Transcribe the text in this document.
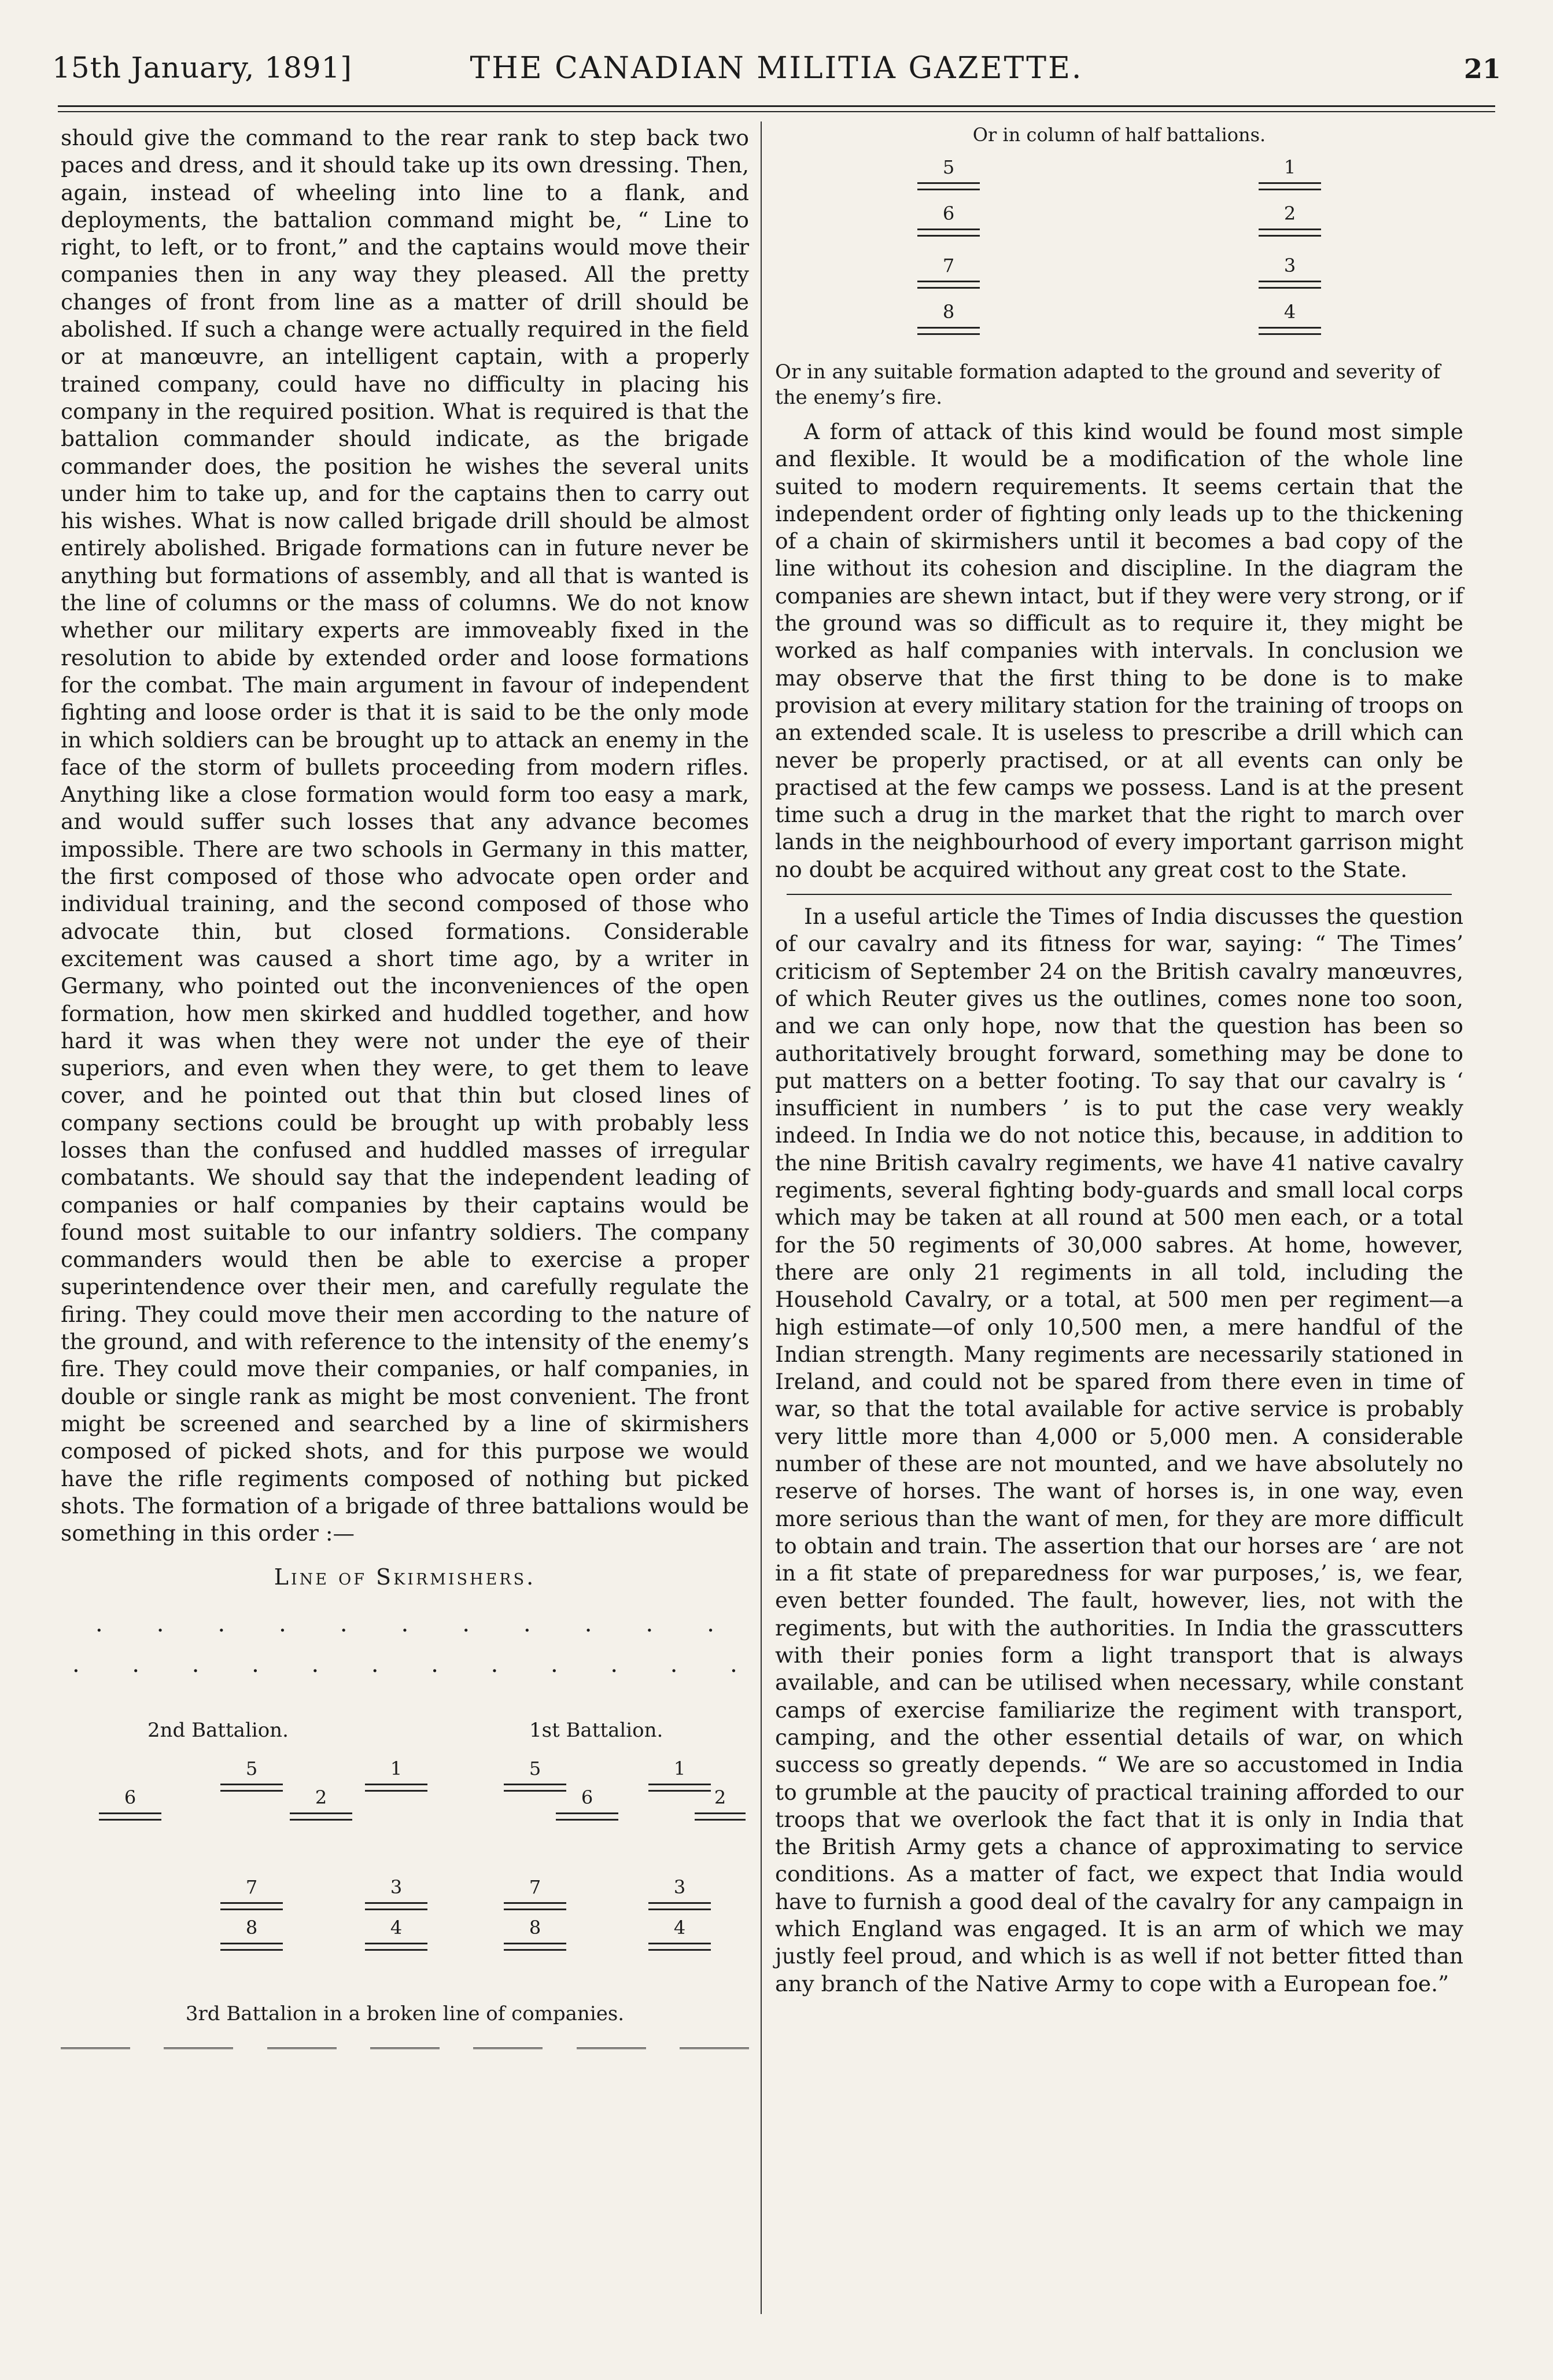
15th January, 1891]	THE CANADIAN MILITIA GAZETTE.	21

should give the command to the rear rank to step back two paces and dress, and it should take up its own dressing. Then, again, instead of wheeling into line to a flank, and deployments, the battalion command might be, “ Line to right, to left, or to front,” and the captains would move their companies then in any way they pleased. All the pretty changes of front from line as a matter of drill should be abolished. If such a change were actually required in the field or at manœuvre, an intelligent captain, with a properly trained company, could have no difficulty in placing his company in the required position. What is required is that the battalion commander should indicate, as the brigade commander does, the position he wishes the several units under him to take up, and for the captains then to carry out his wishes. What is now called brigade drill should be almost entirely abolished. Brigade formations can in future never be anything but formations of assembly, and all that is wanted is the line of columns or the mass of columns. We do not know whether our military experts are immoveably fixed in the resolution to abide by extended order and loose formations for the combat. The main argument in favour of independent fighting and loose order is that it is said to be the only mode in which soldiers can be brought up to attack an enemy in the face of the storm of bullets proceeding from modern rifles. Anything like a close formation would form too easy a mark, and would suffer such losses that any advance becomes impossible. There are two schools in Germany in this matter, the first composed of those who advocate open order and individual training, and the second composed of those who advocate thin, but closed formations. Considerable excitement was caused a short time ago, by a writer in Germany, who pointed out the inconveniences of the open formation, how men skirked and huddled together, and how hard it was when they were not under the eye of their superiors, and even when they were, to get them to leave cover, and he pointed out that thin but closed lines of company sections could be brought up with probably less losses than the confused and huddled masses of irregular combatants. We should say that the independent leading of companies or half companies by their captains would be found most suitable to our infantry soldiers. The company commanders would then be able to exercise a proper superintendence over their men, and carefully regulate the firing. They could move their men according to the nature of the ground, and with reference to the intensity of the enemy’s fire. They could move their companies, or half companies, in double or single rank as might be most convenient. The front might be screened and searched by a line of skirmishers composed of picked shots, and for this purpose we would have the rifle regiments composed of nothing but picked shots. The formation of a brigade of three battalions would be something in this order :—

Line of Skirmishers.
· · · · · · · · · · ·
· · · · · · · · · · · ·
2nd Battalion.	1st Battalion.
5	1
6	2
7	3
8	4
5	1
6	2
7	3
8	4
3rd Battalion in a broken line of companies.
Or in column of half battalions.
5	1
6	2
7	3
8	4

Or in any suitable formation adapted to the ground and severity of the enemy’s fire.

A form of attack of this kind would be found most simple and flexible. It would be a modification of the whole line suited to modern requirements. It seems certain that the independent order of fighting only leads up to the thickening of a chain of skirmishers until it becomes a bad copy of the line without its cohesion and discipline. In the diagram the companies are shewn intact, but if they were very strong, or if the ground was so difficult as to require it, they might be worked as half companies with intervals. In conclusion we may observe that the first thing to be done is to make provision at every military station for the training of troops on an extended scale. It is useless to prescribe a drill which can never be properly practised, or at all events can only be practised at the few camps we possess. Land is at the present time such a drug in the market that the right to march over lands in the neighbourhood of every important garrison might no doubt be acquired without any great cost to the State.

In a useful article the Times of India discusses the question of our cavalry and its fitness for war, saying: “ The Times’ criticism of September 24 on the British cavalry manœuvres, of which Reuter gives us the outlines, comes none too soon, and we can only hope, now that the question has been so authoritatively brought forward, something may be done to put matters on a better footing. To say that our cavalry is ‘ insufficient in numbers ’ is to put the case very weakly indeed. In India we do not notice this, because, in addition to the nine British cavalry regiments, we have 41 native cavalry regiments, several fighting body-guards and small local corps which may be taken at all round at 500 men each, or a total for the 50 regiments of 30,000 sabres. At home, however, there are only 21 regiments in all told, including the Household Cavalry, or a total, at 500 men per regiment—a high estimate—of only 10,500 men, a mere handful of the Indian strength. Many regiments are necessarily stationed in Ireland, and could not be spared from there even in time of war, so that the total available for active service is probably very little more than 4,000 or 5,000 men. A considerable number of these are not mounted, and we have absolutely no reserve of horses. The want of horses is, in one way, even more serious than the want of men, for they are more difficult to obtain and train. The assertion that our horses are ‘ are not in a fit state of preparedness for war purposes,’ is, we fear, even better founded. The fault, however, lies, not with the regiments, but with the authorities. In India the grasscutters with their ponies form a light transport that is always available, and can be utilised when necessary, while constant camps of exercise familiarize the regiment with transport, camping, and the other essential details of war, on which success so greatly depends. “ We are so accustomed in India to grumble at the paucity of practical training afforded to our troops that we overlook the fact that it is only in India that the British Army gets a chance of approximating to service conditions. As a matter of fact, we expect that India would have to furnish a good deal of the cavalry for any campaign in which England was engaged. It is an arm of which we may justly feel proud, and which is as well if not better fitted than any branch of the Native Army to cope with a European foe.”
